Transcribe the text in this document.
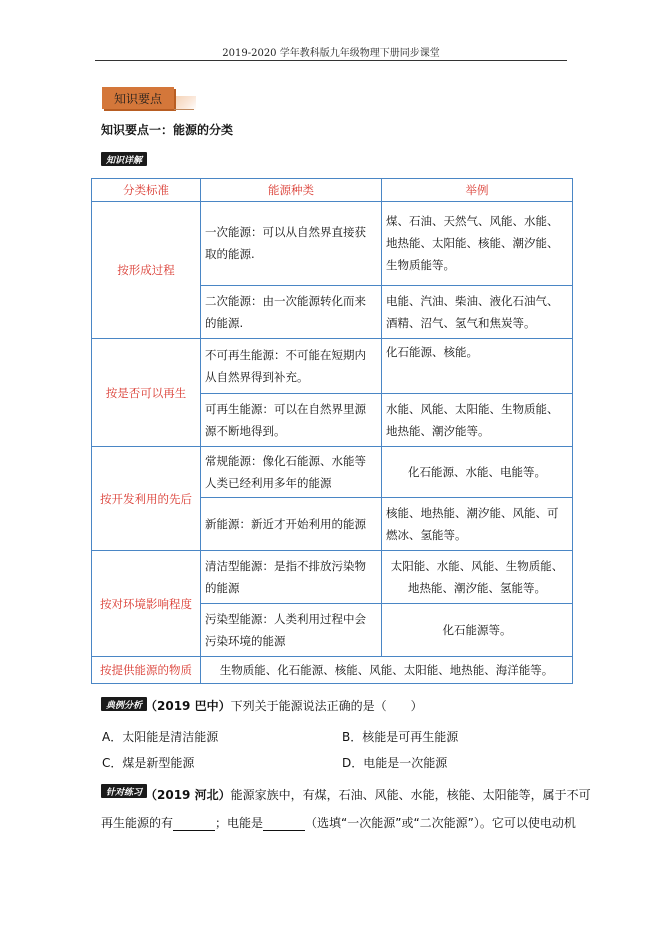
2019-2020 学年教科版九年级物理下册同步课堂
知识要点
知识要点一：能源的分类
知识详解
分类标准	能源种类	举例
按形成过程	一次能源：可以从自然界直接获取的能源.	煤、石油、天然气、风能、水能、地热能、太阳能、核能、潮汐能、生物质能等。
	二次能源：由一次能源转化而来的能源.	电能、汽油、柴油、液化石油气、酒精、沼气、氢气和焦炭等。
按是否可以再生	不可再生能源：不可能在短期内从自然界得到补充。	化石能源、核能。
	可再生能源：可以在自然界里源源不断地得到。	水能、风能、太阳能、生物质能、地热能、潮汐能等。
按开发利用的先后	常规能源：像化石能源、水能等人类已经利用多年的能源	化石能源、水能、电能等。
	新能源：新近才开始利用的能源	核能、地热能、潮汐能、风能、可燃冰、氢能等。
按对环境影响程度	清洁型能源：是指不排放污染物的能源	太阳能、水能、风能、生物质能、地热能、潮汐能、氢能等。
	污染型能源：人类利用过程中会污染环境的能源	化石能源等。
按提供能源的物质	生物质能、化石能源、核能、风能、太阳能、地热能、海洋能等。	
典例分析 （2019 巴中）下列关于能源说法正确的是（　　）
A．太阳能是清洁能源	B．核能是可再生能源
C．煤是新型能源	D．电能是一次能源
针对练习 （2019 河北）能源家族中，有煤，石油、风能、水能，核能、太阳能等，属于不可
再生能源的有	；电能是	（选填“一次能源”或“二次能源”）。它可以使电动机
